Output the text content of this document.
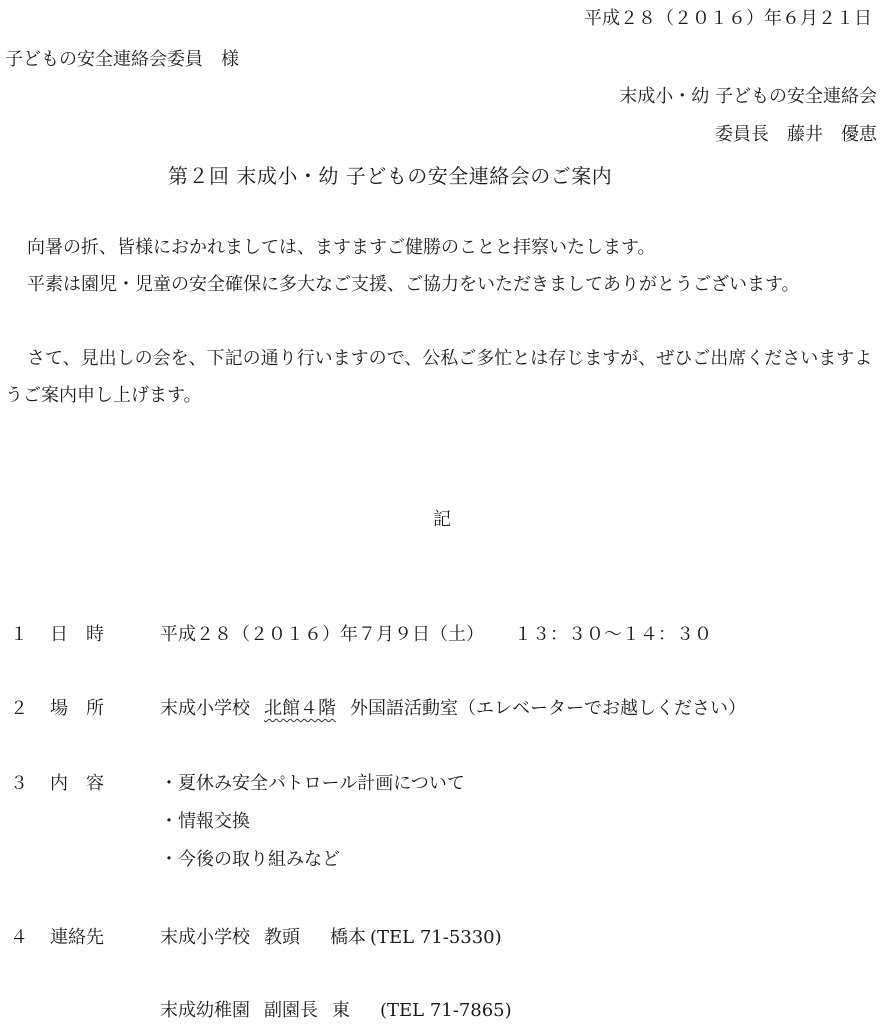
平成２８（２０１６）年６月２１日
子どもの安全連絡会委員　様
末成小・幼 子どもの安全連絡会
委員長　藤井　優恵
第２回 末成小・幼 子どもの安全連絡会のご案内
向暑の折、皆様におかれましては、ますますご健勝のことと拝察いたします。
平素は園児・児童の安全確保に多大なご支援、ご協力をいただきましてありがとうございます。
さて、見出しの会を、下記の通り行いますので、公私ご多忙とは存じますが、ぜひご出席くださいますようご案内申し上げます。
記
１ 日　時	平成２８（２０１６）年７月９日（土） １３：３０〜１４：３０
２ 場　所	末成小学校 北館４階 外国語活動室（エレベーターでお越しください）
３ 内　容	・夏休み安全パトロール計画について
・情報交換
・今後の取り組みなど
４ 連絡先	末成小学校 教頭 橋本 (TEL 71-5330)
末成幼稚園 副園長 東 (TEL 71-7865)
